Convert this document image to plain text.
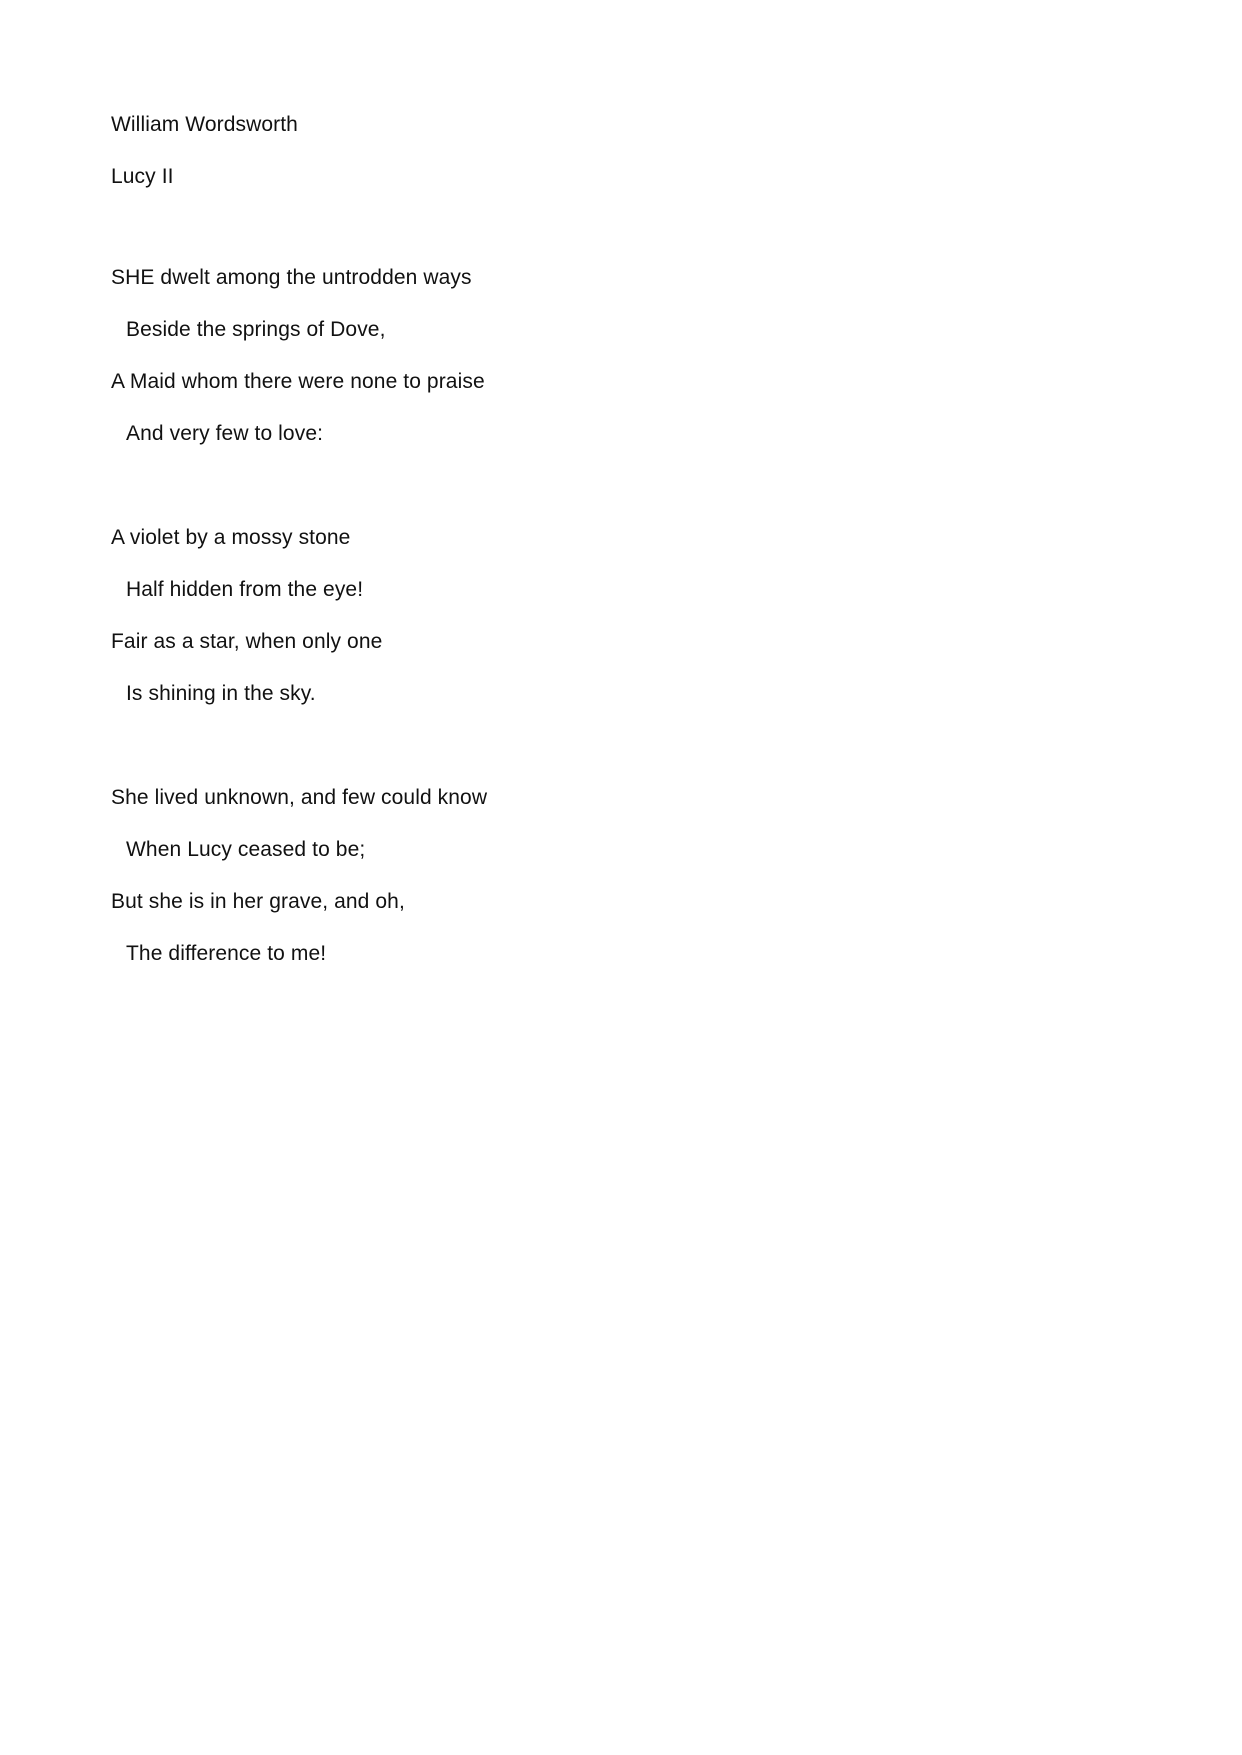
William Wordsworth
Lucy II
SHE dwelt among the untrodden ways
Beside the springs of Dove,
A Maid whom there were none to praise
And very few to love:
A violet by a mossy stone
Half hidden from the eye!
Fair as a star, when only one
Is shining in the sky.
She lived unknown, and few could know
When Lucy ceased to be;
But she is in her grave, and oh,
The difference to me!
